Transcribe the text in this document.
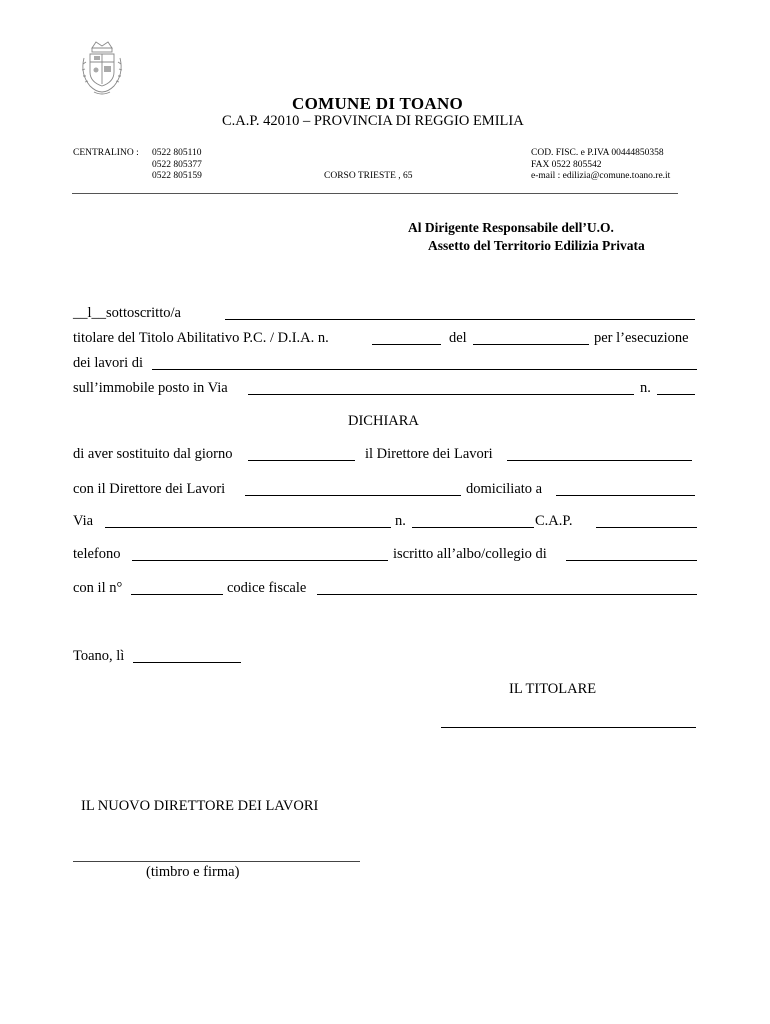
COMUNE DI TOANO
C.A.P. 42010 – PROVINCIA DI REGGIO EMILIA
CENTRALINO : 0522 805110
0522 805377
0522 805159	CORSO TRIESTE , 65
COD. FISC. e P.IVA 00444850358
FAX 0522 805542
e-mail : edilizia@comune.toano.re.it
Al Dirigente Responsabile dell’U.O.
Assetto del Territorio Edilizia Privata
__l__sottoscritto/a
titolare del Titolo Abilitativo P.C. / D.I.A. n.	del	per l’esecuzione
dei lavori di
sull’immobile posto in Via	n.
DICHIARA
di aver sostituito dal giorno	il Direttore dei Lavori
con il Direttore dei Lavori	domiciliato a
Via	n.	C.A.P.
telefono	iscritto all’albo/collegio di
con il n°	codice fiscale
Toano, lì
IL TITOLARE
IL NUOVO DIRETTORE DEI LAVORI
(timbro e firma)
